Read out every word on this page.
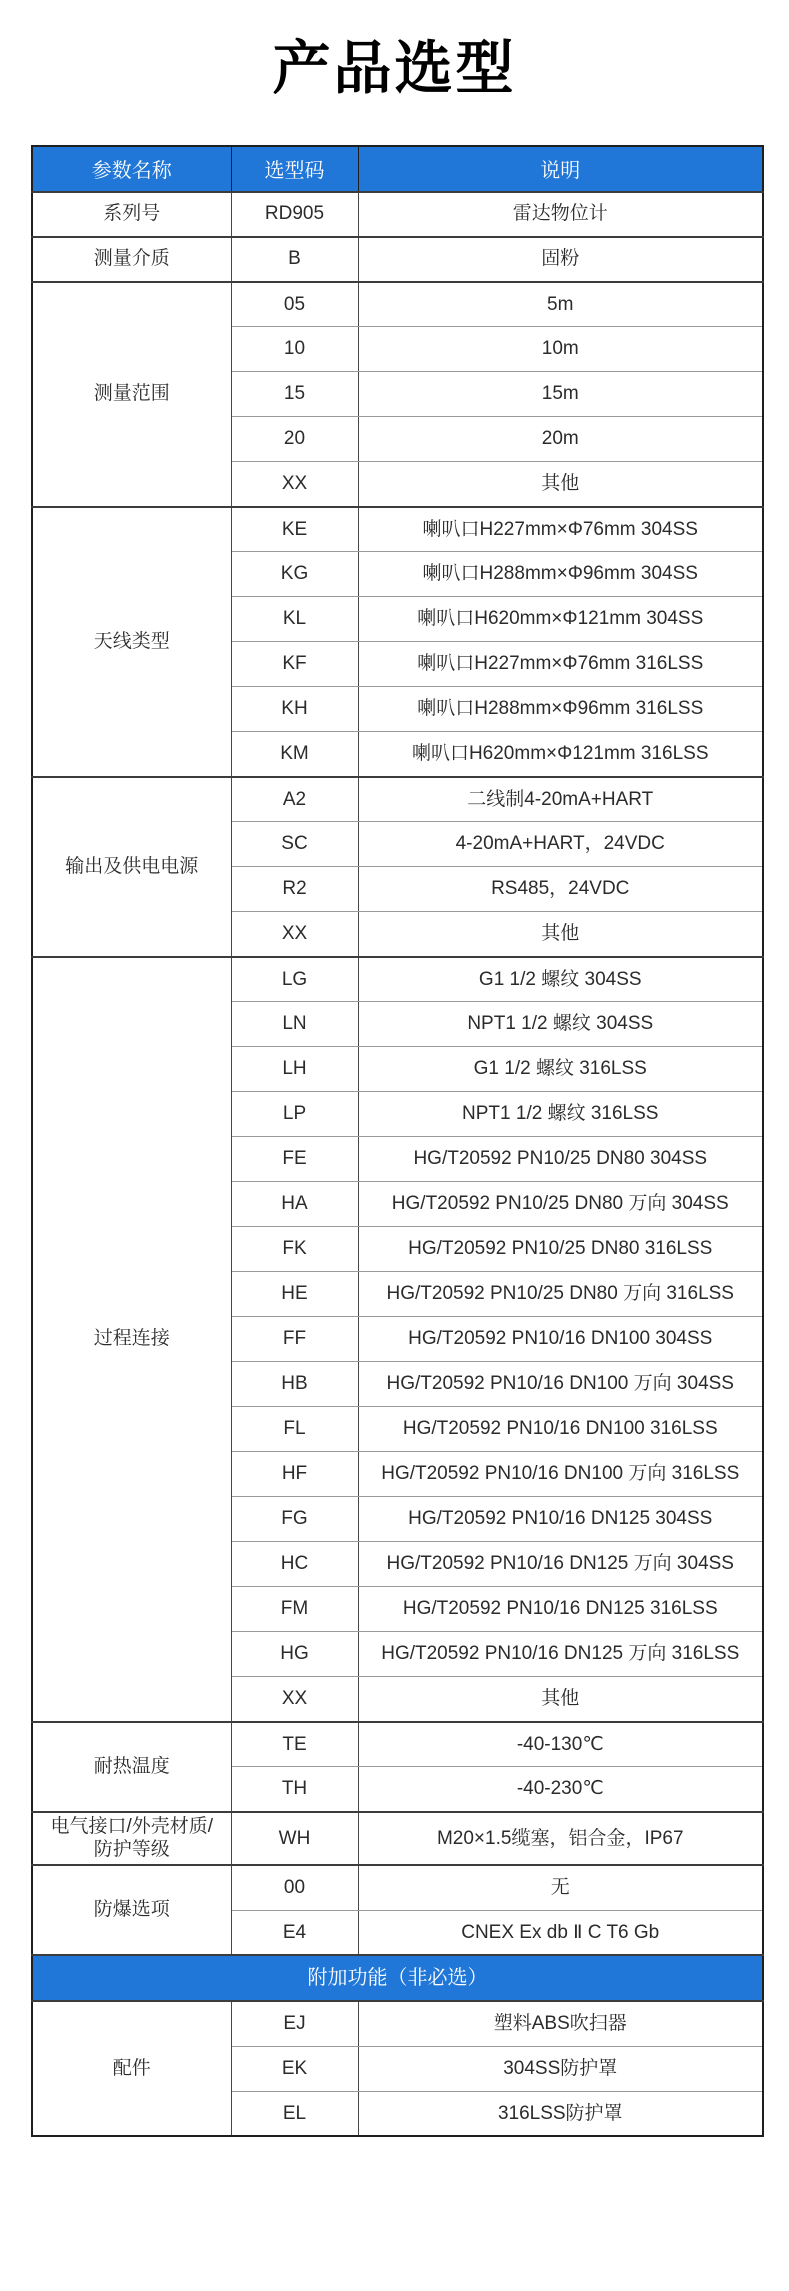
产品选型
参数名称	选型码	说明
系列号	RD905	雷达物位计
测量介质	B	固粉
测量范围	05	5m
	10	10m
	15	15m
	20	20m
	XX	其他
天线类型	KE	喇叭口H227mm×Φ76mm 304SS
	KG	喇叭口H288mm×Φ96mm 304SS
	KL	喇叭口H620mm×Φ121mm 304SS
	KF	喇叭口H227mm×Φ76mm 316LSS
	KH	喇叭口H288mm×Φ96mm 316LSS
	KM	喇叭口H620mm×Φ121mm 316LSS
输出及供电电源	A2	二线制4-20mA+HART
	SC	4-20mA+HART，24VDC
	R2	RS485，24VDC
	XX	其他
过程连接	LG	G1 1/2 螺纹 304SS
	LN	NPT1 1/2 螺纹 304SS
	LH	G1 1/2 螺纹 316LSS
	LP	NPT1 1/2 螺纹 316LSS
	FE	HG/T20592 PN10/25 DN80 304SS
	HA	HG/T20592 PN10/25 DN80 万向 304SS
	FK	HG/T20592 PN10/25 DN80 316LSS
	HE	HG/T20592 PN10/25 DN80 万向 316LSS
	FF	HG/T20592 PN10/16 DN100 304SS
	HB	HG/T20592 PN10/16 DN100 万向 304SS
	FL	HG/T20592 PN10/16 DN100 316LSS
	HF	HG/T20592 PN10/16 DN100 万向 316LSS
	FG	HG/T20592 PN10/16 DN125 304SS
	HC	HG/T20592 PN10/16 DN125 万向 304SS
	FM	HG/T20592 PN10/16 DN125 316LSS
	HG	HG/T20592 PN10/16 DN125 万向 316LSS
	XX	其他
耐热温度	TE	-40-130℃
	TH	-40-230℃
电气接口/外壳材质/防护等级	WH	M20×1.5缆塞，铝合金，IP67
防爆选项	00	无
	E4	CNEX Ex db Ⅱ C T6 Gb
附加功能（非必选）		
配件	EJ	塑料ABS吹扫器
	EK	304SS防护罩
	EL	316LSS防护罩
